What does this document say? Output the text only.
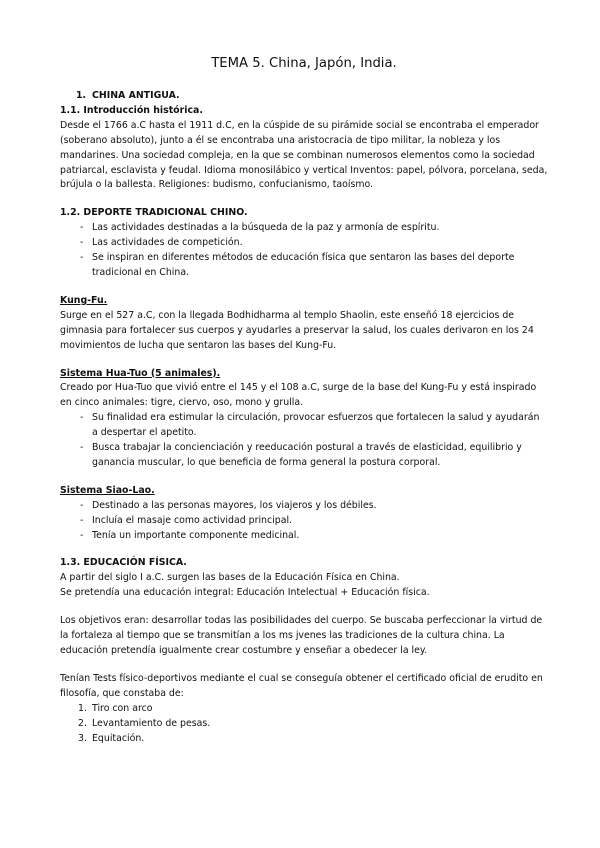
TEMA 5. China, Japón, India.
1. CHINA ANTIGUA.
1.1. Introducción histórica.

Desde el 1766 a.C hasta el 1911 d.C, en la cúspide de su pirámide social se encontraba el emperador (soberano absoluto), junto a él se encontraba una aristocracia de tipo militar, la nobleza y los mandarines. Una sociedad compleja, en la que se combinan numerosos elementos como la sociedad patriarcal, esclavista y feudal. Idioma monosilábico y vertical Inventos: papel, pólvora, porcelana, seda, brújula o la ballesta. Religiones: budismo, confucianismo, taoísmo.

1.2. DEPORTE TRADICIONAL CHINO.
- Las actividades destinadas a la búsqueda de la paz y armonía de espíritu.
- Las actividades de competición.
- Se inspiran en diferentes métodos de educación física que sentaron las bases del deporte tradicional en China.
Kung-Fu.

Surge en el 527 a.C, con la llegada Bodhidharma al templo Shaolin, este enseñó 18 ejercicios de gimnasia para fortalecer sus cuerpos y ayudarles a preservar la salud, los cuales derivaron en los 24 movimientos de lucha que sentaron las bases del Kung-Fu.

Sistema Hua-Tuo (5 animales).

Creado por Hua-Tuo que vivió entre el 145 y el 108 a.C, surge de la base del Kung-Fu y está inspirado en cinco animales: tigre, ciervo, oso, mono y grulla.

- Su finalidad era estimular la circulación, provocar esfuerzos que fortalecen la salud y ayudarán a despertar el apetito.
- Busca trabajar la concienciación y reeducación postural a través de elasticidad, equilibrio y ganancia muscular, lo que beneficia de forma general la postura corporal.
Sistema Siao-Lao.
- Destinado a las personas mayores, los viajeros y los débiles.
- Incluía el masaje como actividad principal.
- Tenía un importante componente medicinal.
1.3. EDUCACIÓN FÍSICA.

A partir del siglo I a.C. surgen las bases de la Educación Física en China.

Se pretendía una educación integral: Educación Intelectual + Educación física.

Los objetivos eran: desarrollar todas las posibilidades del cuerpo. Se buscaba perfeccionar la virtud de la fortaleza al tiempo que se transmitían a los ms jvenes las tradiciones de la cultura china. La educación pretendía igualmente crear costumbre y enseñar a obedecer la ley.

Tenían Tests físico-deportivos mediante el cual se conseguía obtener el certificado oficial de erudito en filosofía, que constaba de:

1. Tiro con arco
2. Levantamiento de pesas.
3. Equitación.
